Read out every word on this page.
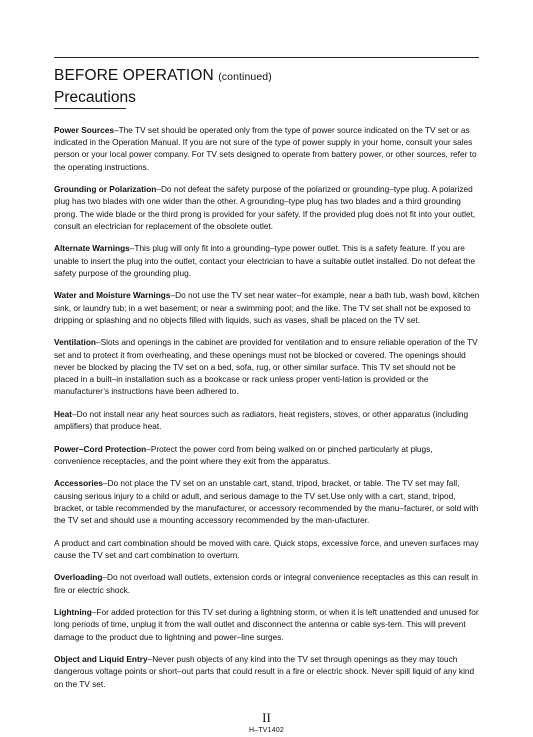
BEFORE OPERATION (continued)
Precautions

Power Sources–The TV set should be operated only from the type of power source indicated on the TV set or as indicated in the Operation Manual. If you are not sure of the type of power supply in your home, consult your sales person or your local power company. For TV sets designed to operate from battery power, or other sources, refer to the operating instructions.

Grounding or Polarization–Do not defeat the safety purpose of the polarized or grounding–type plug. A polarized plug has two blades with one wider than the other. A grounding–type plug has two blades and a third grounding prong. The wide blade or the third prong is provided for your safety. If the provided plug does not fit into your outlet, consult an electrician for replacement of the obsolete outlet.

Alternate Warnings–This plug will only fit into a grounding–type power outlet. This is a safety feature. If you are unable to insert the plug into the outlet, contact your electrician to have a suitable outlet installed. Do not defeat the safety purpose of the grounding plug.

Water and Moisture Warnings–Do not use the TV set near water–for example, near a bath tub, wash bowl, kitchen sink, or laundry tub; in a wet basement; or near a swimming pool; and the like. The TV set shall not be exposed to dripping or splashing and no objects filled with liquids, such as vases, shall be placed on the TV set.

Ventilation–Slots and openings in the cabinet are provided for ventilation and to ensure reliable operation of the TV set and to protect it from overheating, and these openings must not be blocked or covered. The openings should never be blocked by placing the TV set on a bed, sofa, rug, or other similar surface. This TV set should not be placed in a built–in installation such as a bookcase or rack unless proper venti-lation is provided or the manufacturer’s instructions have been adhered to.

Heat–Do not install near any heat sources such as radiators, heat registers, stoves, or other apparatus (including amplifiers) that produce heat.

Power–Cord Protection–Protect the power cord from being walked on or pinched particularly at plugs, convenience receptacles, and the point where they exit from the apparatus.

Accessories–Do not place the TV set on an unstable cart, stand, tripod, bracket, or table. The TV set may fall, causing serious injury to a child or adult, and serious damage to the TV set.Use only with a cart, stand, tripod, bracket, or table recommended by the manufacturer, or accessory recommended by the manu–facturer, or sold with the TV set and should use a mounting accessory recommended by the man-ufacturer.

A product and cart combination should be moved with care. Quick stops, excessive force, and uneven surfaces may cause the TV set and cart combination to overturn.

Overloading–Do not overload wall outlets, extension cords or integral convenience receptacles as this can result in fire or electric shock.

Lightning–For added protection for this TV set during a lightning storm, or when it is left unattended and unused for long periods of time, unplug it from the wall outlet and disconnect the antenna or cable sys-tem. This will prevent damage to the product due to lightning and power–line surges.

Object and Liquid Entry–Never push objects of any kind into the TV set through openings as they may touch dangerous voltage points or short–out parts that could result in a fire or electric shock. Never spill liquid of any kind on the TV set.

II
H–TV1402
